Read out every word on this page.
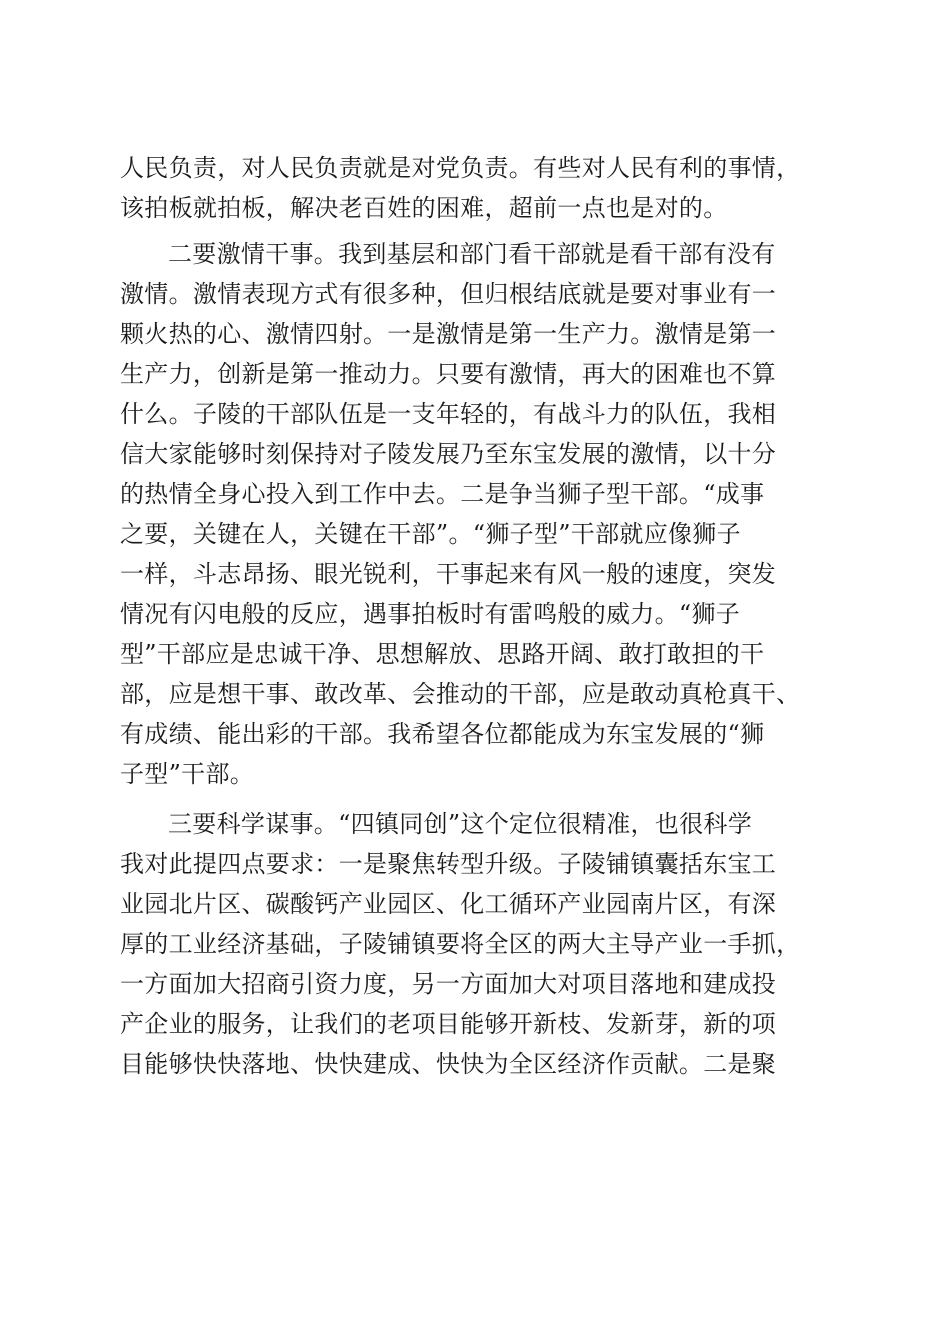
人民负责，对人民负责就是对党负责。有些对人民有利的事情，
该拍板就拍板，解决老百姓的困难，超前一点也是对的。
二要激情干事。我到基层和部门看干部就是看干部有没有
激情。激情表现方式有很多种，但归根结底就是要对事业有一
颗火热的心、激情四射。一是激情是第一生产力。激情是第一
生产力，创新是第一推动力。只要有激情，再大的困难也不算
什么。子陵的干部队伍是一支年轻的，有战斗力的队伍，我相
信大家能够时刻保持对子陵发展乃至东宝发展的激情，以十分
的热情全身心投入到工作中去。二是争当狮子型干部。“成事
之要，关键在人，关键在干部”。“狮子型”干部就应像狮子
一样，斗志昂扬、眼光锐利，干事起来有风一般的速度，突发
情况有闪电般的反应，遇事拍板时有雷鸣般的威力。“狮子
型”干部应是忠诚干净、思想解放、思路开阔、敢打敢担的干
部，应是想干事、敢改革、会推动的干部，应是敢动真枪真干、
有成绩、能出彩的干部。我希望各位都能成为东宝发展的“狮
子型”干部。
三要科学谋事。“四镇同创”这个定位很精准，也很科学
我对此提四点要求：一是聚焦转型升级。子陵铺镇囊括东宝工
业园北片区、碳酸钙产业园区、化工循环产业园南片区，有深
厚的工业经济基础，子陵铺镇要将全区的两大主导产业一手抓，
一方面加大招商引资力度，另一方面加大对项目落地和建成投
产企业的服务，让我们的老项目能够开新枝、发新芽，新的项
目能够快快落地、快快建成、快快为全区经济作贡献。二是聚
